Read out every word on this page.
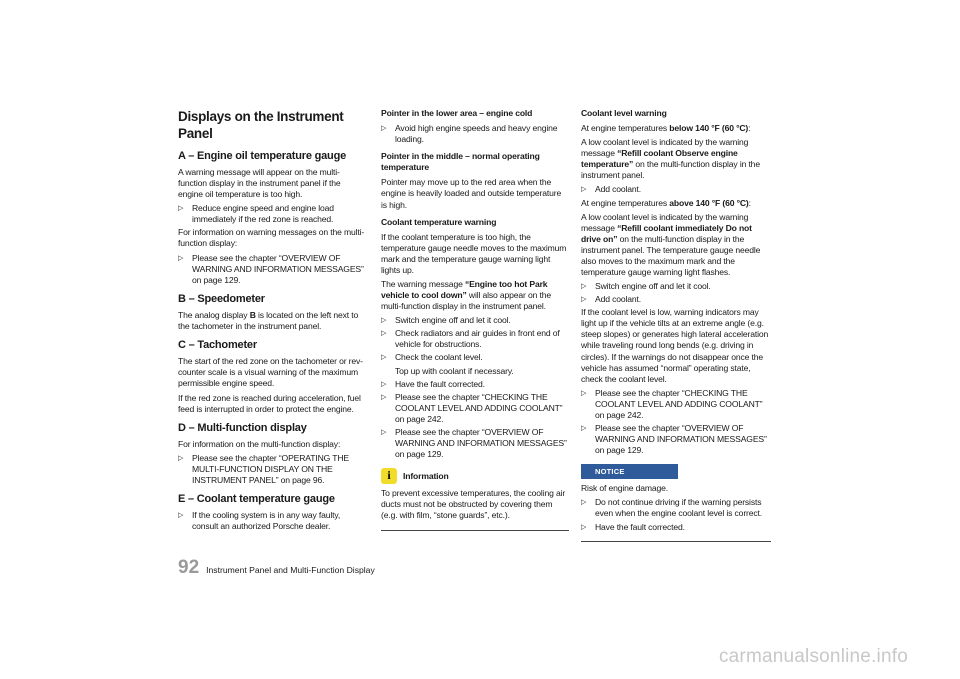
Displays on the Instrument Panel
A – Engine oil temperature gauge

A warning message will appear on the multi-function display in the instrument panel if the engine oil temperature is too high.

▷ Reduce engine speed and engine load immediately if the red zone is reached.

For information on warning messages on the multi-function display:

▷ Please see the chapter “OVERVIEW OF WARNING AND INFORMATION MESSAGES” on page 129.
B – Speedometer

The analog display B is located on the left next to the tachometer in the instrument panel.

C – Tachometer

The start of the red zone on the tachometer or rev-counter scale is a visual warning of the maximum permissible engine speed.

If the red zone is reached during acceleration, fuel feed is interrupted in order to protect the engine.

D – Multi-function display

For information on the multi-function display:

▷ Please see the chapter “OPERATING THE MULTI-FUNCTION DISPLAY ON THE INSTRUMENT PANEL” on page 96.
E – Coolant temperature gauge
▷ If the cooling system is in any way faulty, consult an authorized Porsche dealer.
Pointer in the lower area – engine cold
▷ Avoid high engine speeds and heavy engine loading.
Pointer in the middle – normal operating temperature

Pointer may move up to the red area when the engine is heavily loaded and outside temperature is high.

Coolant temperature warning

If the coolant temperature is too high, the temperature gauge needle moves to the maximum mark and the temperature gauge warning light lights up.

The warning message “Engine too hot Park vehicle to cool down” will also appear on the multi-function display in the instrument panel.

▷ Switch engine off and let it cool.
▷ Check radiators and air guides in front end of vehicle for obstructions.
▷ Check the coolant level.
Top up with coolant if necessary.
▷ Have the fault corrected.
▷ Please see the chapter “CHECKING THE COOLANT LEVEL AND ADDING COOLANT” on page 242.
▷ Please see the chapter “OVERVIEW OF WARNING AND INFORMATION MESSAGES” on page 129.
i	Information

To prevent excessive temperatures, the cooling air ducts must not be obstructed by covering them (e.g. with film, “stone guards”, etc.).

Coolant level warning

At engine temperatures below 140 °F (60 °C):

A low coolant level is indicated by the warning message “Refill coolant Observe engine temperature” on the multi-function display in the instrument panel.

▷ Add coolant.

At engine temperatures above 140 °F (60 °C):

A low coolant level is indicated by the warning message “Refill coolant immediately Do not drive on” on the multi-function display in the instrument panel. The temperature gauge needle also moves to the maximum mark and the temperature gauge warning light flashes.

▷ Switch engine off and let it cool.
▷ Add coolant.

If the coolant level is low, warning indicators may light up if the vehicle tilts at an extreme angle (e.g. steep slopes) or generates high lateral acceleration while traveling round long bends (e.g. driving in circles). If the warnings do not disappear once the vehicle has assumed “normal” operating state, check the coolant level.

▷ Please see the chapter “CHECKING THE COOLANT LEVEL AND ADDING COOLANT” on page 242.
▷ Please see the chapter “OVERVIEW OF WARNING AND INFORMATION MESSAGES” on page 129.
NOTICE

Risk of engine damage.

▷ Do not continue driving if the warning persists even when the engine coolant level is correct.
▷ Have the fault corrected.
92 Instrument Panel and Multi-Function Display
carmanualsonline.info
